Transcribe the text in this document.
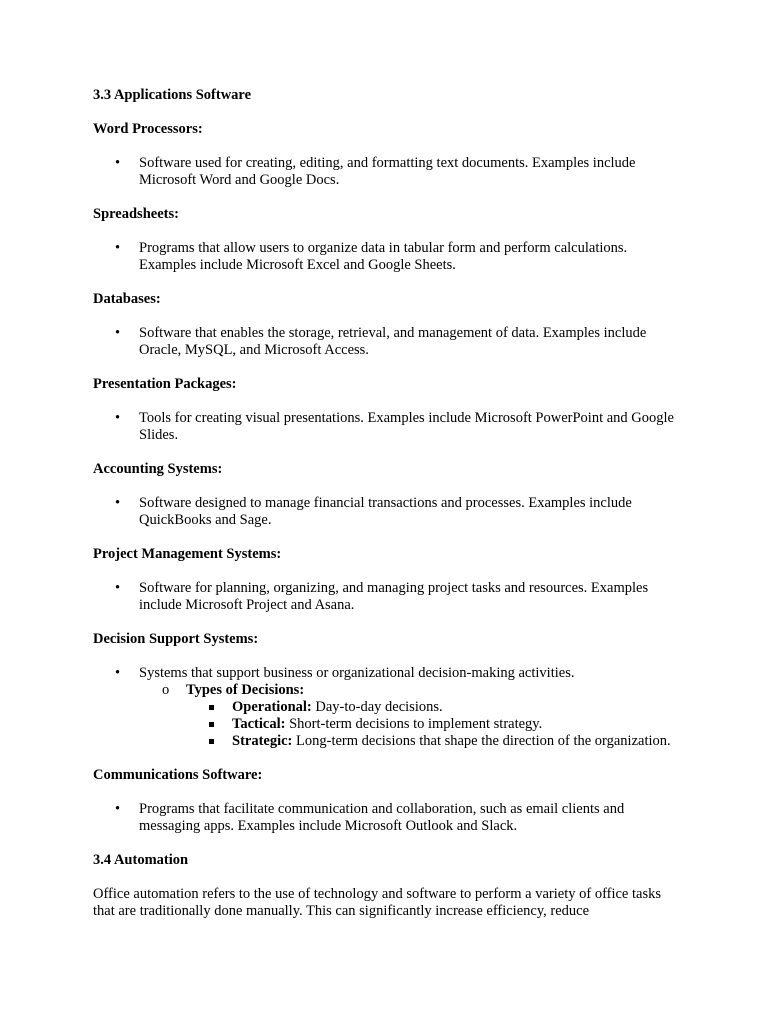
3.3 Applications Software
Word Processors:
• Software used for creating, editing, and formatting text documents. Examples include Microsoft Word and Google Docs.
Spreadsheets:
• Programs that allow users to organize data in tabular form and perform calculations. Examples include Microsoft Excel and Google Sheets.
Databases:
• Software that enables the storage, retrieval, and management of data. Examples include Oracle, MySQL, and Microsoft Access.
Presentation Packages:
• Tools for creating visual presentations. Examples include Microsoft PowerPoint and Google Slides.
Accounting Systems:
• Software designed to manage financial transactions and processes. Examples include QuickBooks and Sage.
Project Management Systems:
• Software for planning, organizing, and managing project tasks and resources. Examples include Microsoft Project and Asana.
Decision Support Systems:
• Systems that support business or organizational decision-making activities.
o Types of Decisions:
Operational: Day-to-day decisions.
Tactical: Short-term decisions to implement strategy.
Strategic: Long-term decisions that shape the direction of the organization.
Communications Software:
• Programs that facilitate communication and collaboration, such as email clients and messaging apps. Examples include Microsoft Outlook and Slack.
3.4 Automation

Office automation refers to the use of technology and software to perform a variety of office tasks that are traditionally done manually. This can significantly increase efficiency, reduce
